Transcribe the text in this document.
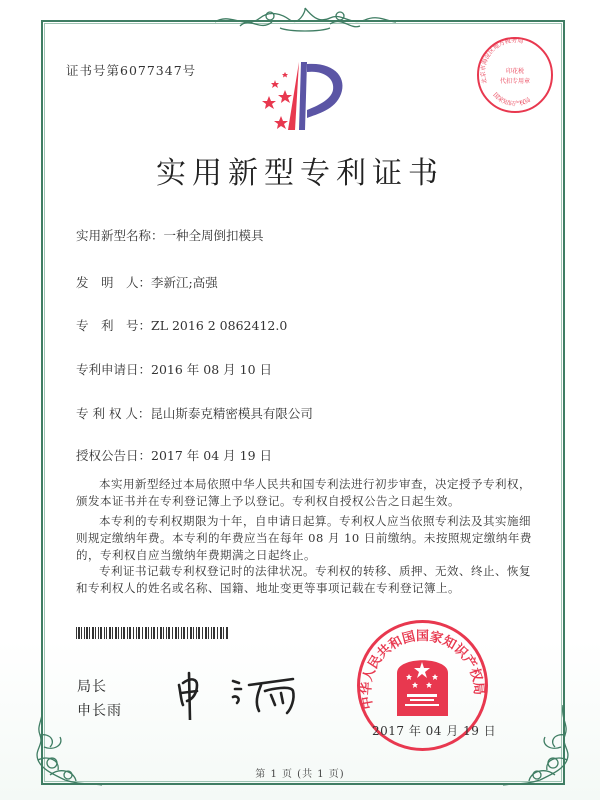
证书号第6077347号	印花税
代扣专用章
北京市海淀区地方税务局
国家知识产权局
实用新型专利证书
实用新型名称：一种全周倒扣模具
发　明　人：李新江;高强
专　利　号：ZL 2016 2 0862412.0
专利申请日：2016 年 08 月 10 日
专 利 权 人：昆山斯泰克精密模具有限公司
授权公告日：2017 年 04 月 19 日

本实用新型经过本局依照中华人民共和国专利法进行初步审查，决定授予专利权，颁发本证书并在专利登记簿上予以登记。专利权自授权公告之日起生效。

本专利的专利权期限为十年，自申请日起算。专利权人应当依照专利法及其实施细则规定缴纳年费。本专利的年费应当在每年 08 月 10 日前缴纳。未按照规定缴纳年费的，专利权自应当缴纳年费期满之日起终止。

专利证书记载专利权登记时的法律状况。专利权的转移、质押、无效、终止、恢复和专利权人的姓名或名称、国籍、地址变更等事项记载在专利登记簿上。

局长
申长雨
中华人民共和国国家知识产权局
2017 年 04 月 19 日
第 1 页 (共 1 页)
